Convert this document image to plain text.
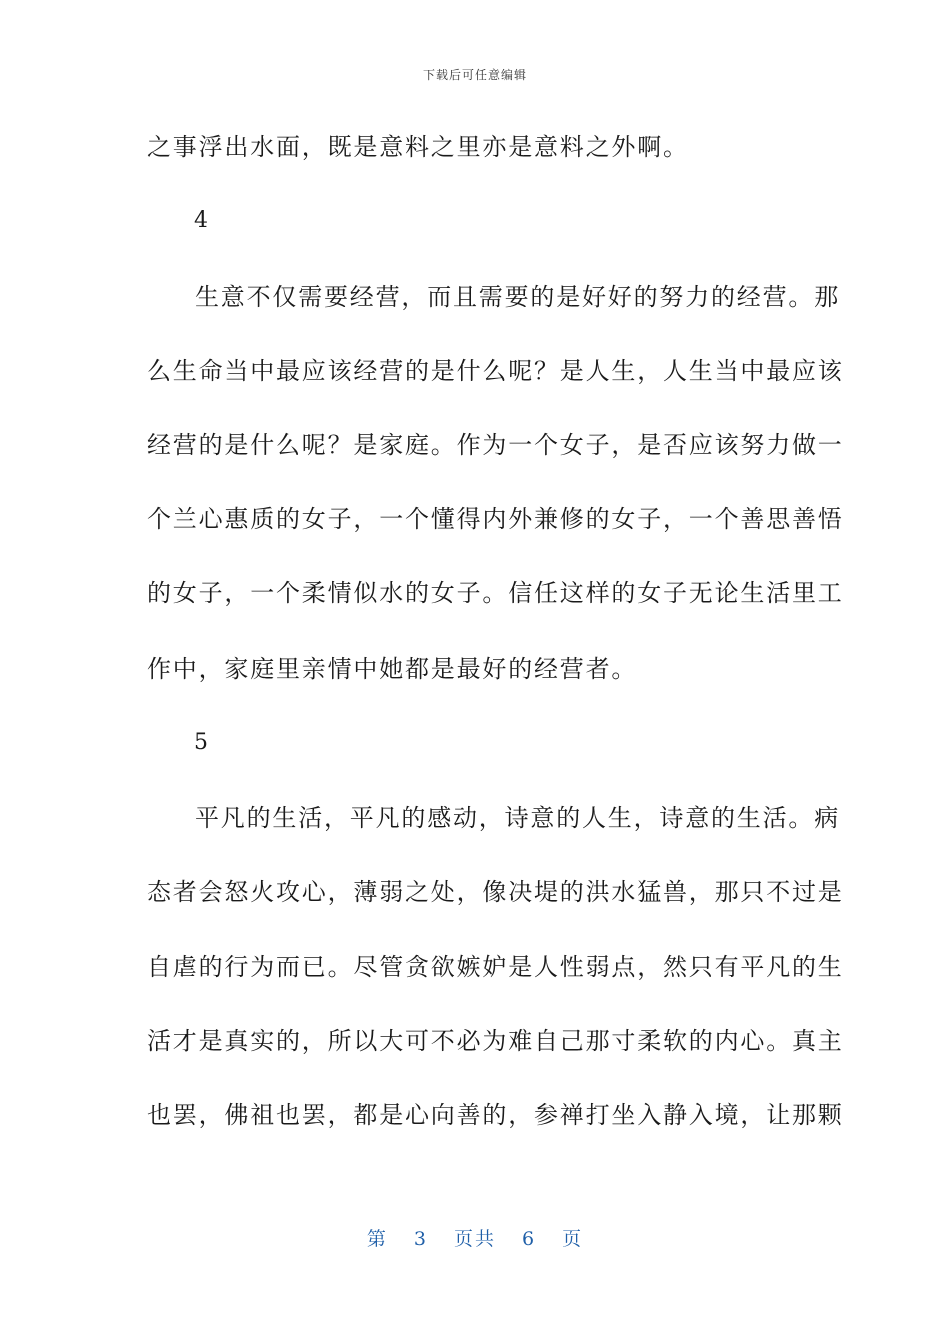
下载后可任意编辑
之事浮出水面，既是意料之里亦是意料之外啊。
4
生意不仅需要经营，而且需要的是好好的努力的经营。那
么生命当中最应该经营的是什么呢？是人生，人生当中最应该
经营的是什么呢？是家庭。作为一个女子，是否应该努力做一
个兰心惠质的女子，一个懂得内外兼修的女子，一个善思善悟
的女子，一个柔情似水的女子。信任这样的女子无论生活里工
作中，家庭里亲情中她都是最好的经营者。
5
平凡的生活，平凡的感动，诗意的人生，诗意的生活。病
态者会怒火攻心，薄弱之处，像决堤的洪水猛兽，那只不过是
自虐的行为而已。尽管贪欲嫉妒是人性弱点，然只有平凡的生
活才是真实的，所以大可不必为难自己那寸柔软的内心。真主
也罢，佛祖也罢，都是心向善的，参禅打坐入静入境，让那颗
第 3 页共 6 页
